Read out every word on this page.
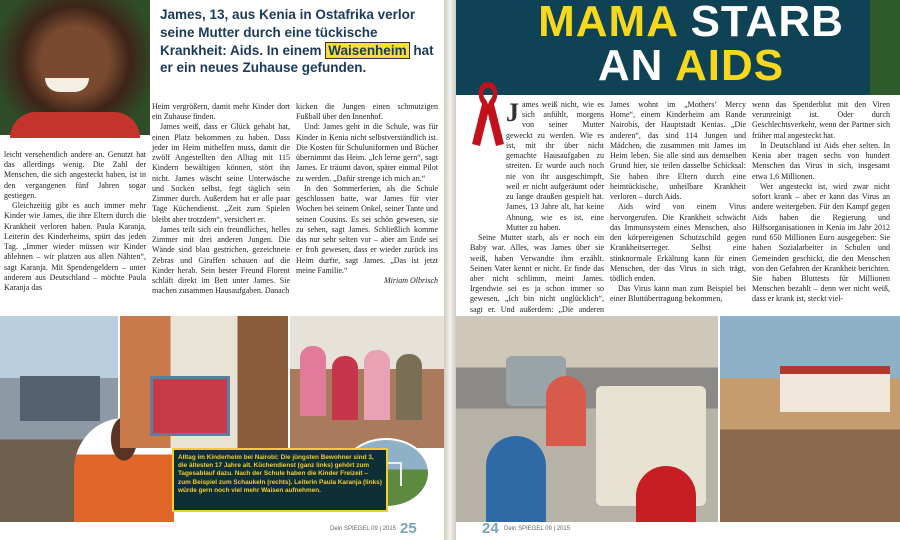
James, 13, aus Kenia in Ostafrika verlor seine Mutter durch eine tückische Krankheit: Aids. In einem Waisenheim hat er ein neues Zuhause gefunden.

leicht versehentlich andere an. Genutzt hat das allerdings wenig. Die Zahl der Menschen, die sich angesteckt haben, ist in den vergangenen fünf Jahren sogar gestiegen.

Gleichzeitig gibt es auch immer mehr Kinder wie James, die ihre Eltern durch die Krankheit verloren haben. Paula Karanja, Leiterin des Kinderheims, spürt das jeden Tag. „Immer wieder müssen wir Kinder ablehnen – wir platzen aus allen Nähten“, sagt Karanja. Mit Spendengeldern – unter anderem aus Deutschland – möchte Paula Karanja das

Heim vergrößern, damit mehr Kinder dort ein Zuhause finden.

James weiß, dass er Glück gehabt hat, einen Platz bekommen zu haben. Dass jeder im Heim mithelfen muss, damit die zwölf Angestellten den Alltag mit 115 Kindern bewältigen können, stört ihn nicht. James wäscht seine Unterwäsche und Socken selbst, fegt täglich sein Zimmer durch. Außerdem hat er alle paar Tage Küchendienst. „Zeit zum Spielen bleibt aber trotzdem“, versichert er.

James teilt sich ein freundliches, helles Zimmer mit drei anderen Jungen. Die Wände sind blau gestrichen, gezeichnete Zebras und Giraffen schauen auf die Kinder herab. Sein bester Freund Florent schläft direkt im Bett unter James. Sie machen zusammen Hausaufgaben. Danach

kicken die Jungen einen schmutzigen Fußball über den Innenhof.

Und: James geht in die Schule, was für Kinder in Kenia nicht selbstverständlich ist. Die Kosten für Schuluniformen und Bücher übernimmt das Heim. „Ich lerne gern“, sagt James. Er träumt davon, später einmal Pilot zu werden. „Dafür strenge ich mich an.“

In den Sommerferien, als die Schule geschlossen hatte, war James für vier Wochen bei seinem Onkel, seiner Tante und seinen Cousins. Es sei schön gewesen, sie zu sehen, sagt James. Schließlich komme das nur sehr selten vor – aber am Ende sei er froh gewesen, dass er wieder zurück ins Heim durfte, sagt James. „Das ist jetzt meine Familie.“

Miriam Olbrisch

Alltag im Kinderheim bei Nairobi: Die jüngsten Bewohner sind 3, die ältesten 17 Jahre alt. Küchendienst (ganz links) gehört zum Tagesablauf dazu. Nach der Schule haben die Kinder Freizeit – zum Beispiel zum Schaukeln (rechts). Leiterin Paula Karanja (links) würde gern noch viel mehr Waisen aufnehmen.
Dein SPIEGEL 09 | 2015 25
MAMA STARB
AN AIDS

James weiß nicht, wie es sich anfühlt, morgens von seiner Mutter geweckt zu werden. Wie es ist, mit ihr über nicht gemachte Hausaufgaben zu streiten. Er wurde auch noch nie von ihr ausgeschimpft, weil er nicht aufgeräumt oder zu lange draußen gespielt hat. James, 13 Jahre alt, hat keine Ahnung, wie es ist, eine Mutter zu haben.

Seine Mutter starb, als er noch ein Baby war. Alles, was James über sie weiß, haben Verwandte ihm erzählt. Seinen Vater kennt er nicht. Er finde das aber nicht schlimm, meint James. Irgendwie sei es ja schon immer so gewesen. „Ich bin nicht unglücklich“, sagt er. Und außerdem: „Die anderen

James wohnt im „Mothers’ Mercy Home“, einem Kinderheim am Rande Nairobis, der Hauptstadt Kenias. „Die anderen“, das sind 114 Jungen und Mädchen, die zusammen mit James im Heim leben. Sie alle sind aus demselben Grund hier, sie teilen dasselbe Schicksal: Sie haben ihre Eltern durch eine heimtückische, unheilbare Krankheit verloren – durch Aids.

Aids wird von einem Virus hervorgerufen. Die Krankheit schwächt das Immunsystem eines Menschen, also den körpereigenen Schutzschild gegen Krankheitserreger. Selbst eine stinknormale Erkältung kann für einen Menschen, der das Virus in sich trägt, tödlich enden.

Das Virus kann man zum Beispiel bei einer Bluttübertragung bekommen,

wenn das Spenderblut mit den Viren verunreinigt ist. Oder durch Geschlechtsverkehr, wenn der Partner sich früher mal angesteckt hat.

In Deutschland ist Aids eher selten. In Kenia aber tragen sechs von hundert Menschen das Virus in sich, insgesamt etwa 1,6 Millionen.

Wer angesteckt ist, wird zwar nicht sofort krank – aber er kann das Virus an andere weitergeben. Für den Kampf gegen Aids haben die Regierung und Hilfsorganisationen in Kenia im Jahr 2012 rund 650 Millionen Euro ausgegeben: Sie haben Sozialarbeiter in Schulen und Gemeinden geschickt, die den Menschen von den Gefahren der Krankheit berichten. Sie haben Bluttests für Millionen Menschen bezahlt – denn wer nicht weiß, dass er krank ist, steckt viel-

24 Dein SPIEGEL 09 | 2015
